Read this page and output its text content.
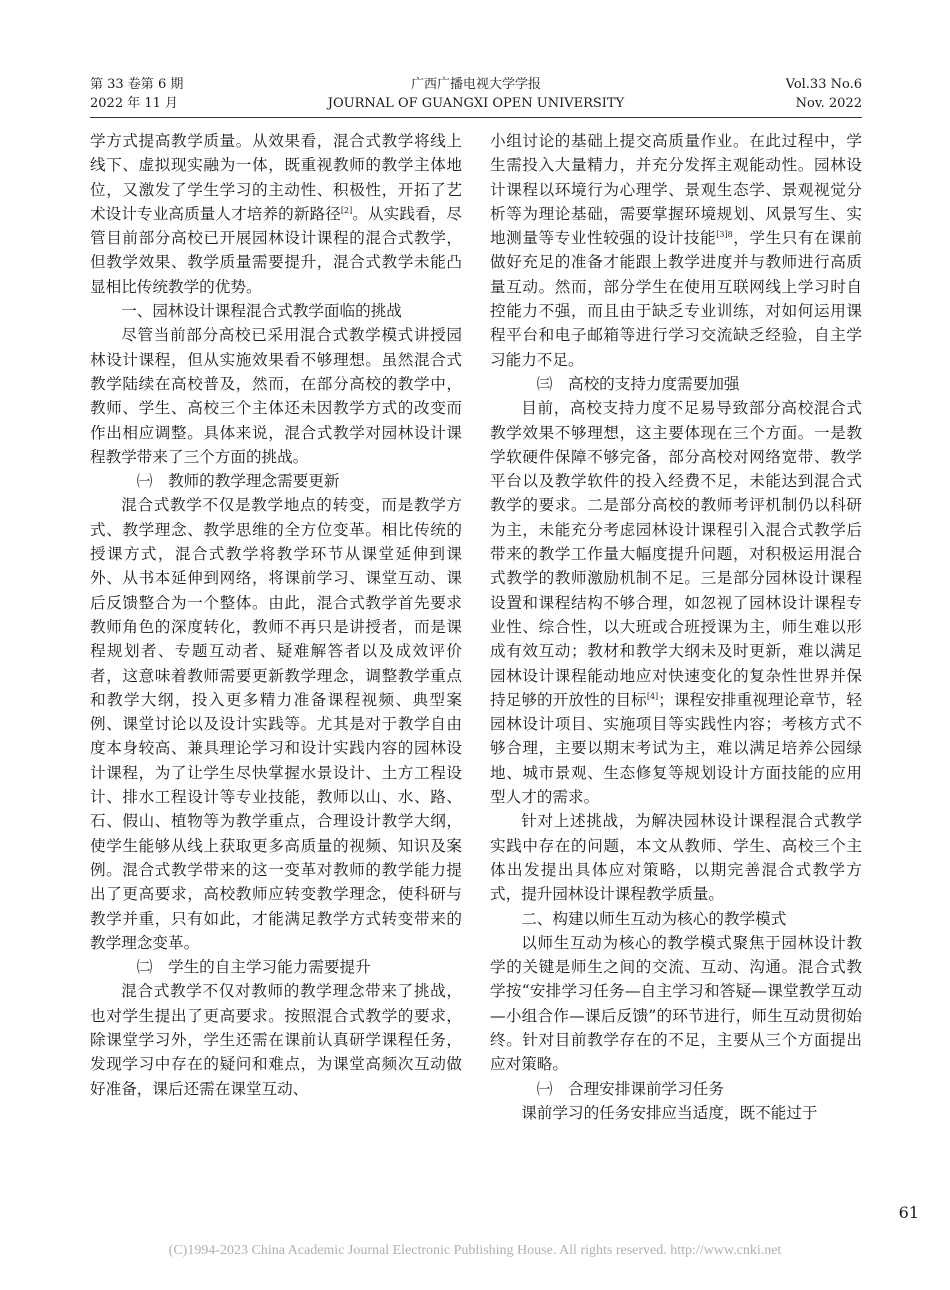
第 33 卷第 6 期
2022 年 11 月
广西广播电视大学学报
JOURNAL OF GUANGXI OPEN UNIVERSITY
Vol.33 No.6
Nov. 2022

学方式提高教学质量。从效果看，混合式教学将线上线下、虚拟现实融为一体，既重视教师的教学主体地位，又激发了学生学习的主动性、积极性，开拓了艺术设计专业高质量人才培养的新路径[2]。从实践看，尽管目前部分高校已开展园林设计课程的混合式教学，但教学效果、教学质量需要提升，混合式教学未能凸显相比传统教学的优势。

一、园林设计课程混合式教学面临的挑战

尽管当前部分高校已采用混合式教学模式讲授园林设计课程，但从实施效果看不够理想。虽然混合式教学陆续在高校普及，然而，在部分高校的教学中，教师、学生、高校三个主体还未因教学方式的改变而作出相应调整。具体来说，混合式教学对园林设计课程教学带来了三个方面的挑战。

㈠　教师的教学理念需要更新

混合式教学不仅是教学地点的转变，而是教学方式、教学理念、教学思维的全方位变革。相比传统的授课方式，混合式教学将教学环节从课堂延伸到课外、从书本延伸到网络，将课前学习、课堂互动、课后反馈整合为一个整体。由此，混合式教学首先要求教师角色的深度转化，教师不再只是讲授者，而是课程规划者、专题互动者、疑难解答者以及成效评价者，这意味着教师需要更新教学理念，调整教学重点和教学大纲，投入更多精力准备课程视频、典型案例、课堂讨论以及设计实践等。尤其是对于教学自由度本身较高、兼具理论学习和设计实践内容的园林设计课程，为了让学生尽快掌握水景设计、土方工程设计、排水工程设计等专业技能，教师以山、水、路、石、假山、植物等为教学重点，合理设计教学大纲，使学生能够从线上获取更多高质量的视频、知识及案例。混合式教学带来的这一变革对教师的教学能力提出了更高要求，高校教师应转变教学理念，使科研与教学并重，只有如此，才能满足教学方式转变带来的教学理念变革。

㈡　学生的自主学习能力需要提升

混合式教学不仅对教师的教学理念带来了挑战，也对学生提出了更高要求。按照混合式教学的要求，除课堂学习外，学生还需在课前认真研学课程任务，发现学习中存在的疑问和难点，为课堂高频次互动做好准备，课后还需在课堂互动、

小组讨论的基础上提交高质量作业。在此过程中，学生需投入大量精力，并充分发挥主观能动性。园林设计课程以环境行为心理学、景观生态学、景观视觉分析等为理论基础，需要掌握环境规划、风景写生、实地测量等专业性较强的设计技能$^{[3]8}$，学生只有在课前做好充足的准备才能跟上教学进度并与教师进行高质量互动。然而，部分学生在使用互联网线上学习时自控能力不强，而且由于缺乏专业训练，对如何运用课程平台和电子邮箱等进行学习交流缺乏经验，自主学习能力不足。

㈢　高校的支持力度需要加强

目前，高校支持力度不足易导致部分高校混合式教学效果不够理想，这主要体现在三个方面。一是教学软硬件保障不够完备，部分高校对网络宽带、教学平台以及教学软件的投入经费不足，未能达到混合式教学的要求。二是部分高校的教师考评机制仍以科研为主，未能充分考虑园林设计课程引入混合式教学后带来的教学工作量大幅度提升问题，对积极运用混合式教学的教师激励机制不足。三是部分园林设计课程设置和课程结构不够合理，如忽视了园林设计课程专业性、综合性，以大班或合班授课为主，师生难以形成有效互动；教材和教学大纲未及时更新，难以满足园林设计课程能动地应对快速变化的复杂性世界并保持足够的开放性的目标[4]；课程安排重视理论章节，轻园林设计项目、实施项目等实践性内容；考核方式不够合理，主要以期末考试为主，难以满足培养公园绿地、城市景观、生态修复等规划设计方面技能的应用型人才的需求。

针对上述挑战，为解决园林设计课程混合式教学实践中存在的问题，本文从教师、学生、高校三个主体出发提出具体应对策略，以期完善混合式教学方式，提升园林设计课程教学质量。

二、构建以师生互动为核心的教学模式

以师生互动为核心的教学模式聚焦于园林设计教学的关键是师生之间的交流、互动、沟通。混合式教学按“安排学习任务—自主学习和答疑—课堂教学互动—小组合作—课后反馈”的环节进行，师生互动贯彻始终。针对目前教学存在的不足，主要从三个方面提出应对策略。

㈠　合理安排课前学习任务

课前学习的任务安排应当适度，既不能过于

61
(C)1994-2023 China Academic Journal Electronic Publishing House. All rights reserved. http://www.cnki.net
